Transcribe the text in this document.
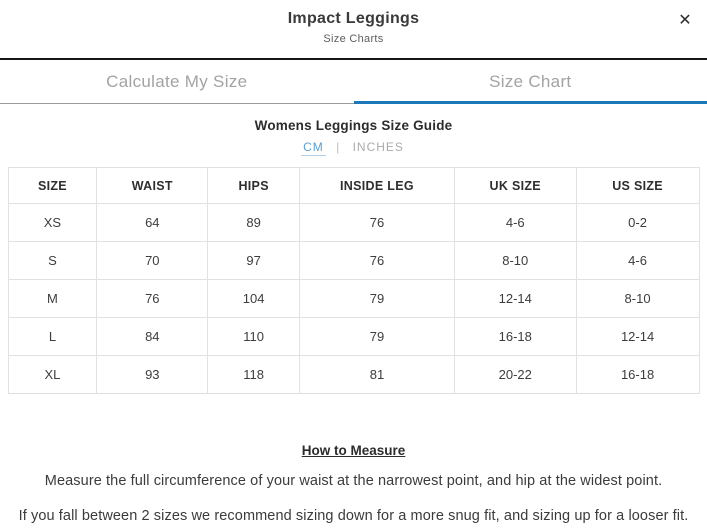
Impact Leggings
Size Charts
✕
Calculate My Size	Size Chart
Womens Leggings Size Guide
CM | INCHES
SIZE	WAIST	HIPS	INSIDE LEG	UK SIZE	US SIZE
XS	64	89	76	4-6	0-2
S	70	97	76	8-10	4-6
M	76	104	79	12-14	8-10
L	84	110	79	16-18	12-14
XL	93	118	81	20-22	16-18
How to Measure
Measure the full circumference of your waist at the narrowest point, and hip at the widest point.
If you fall between 2 sizes we recommend sizing down for a more snug fit, and sizing up for a looser fit.
